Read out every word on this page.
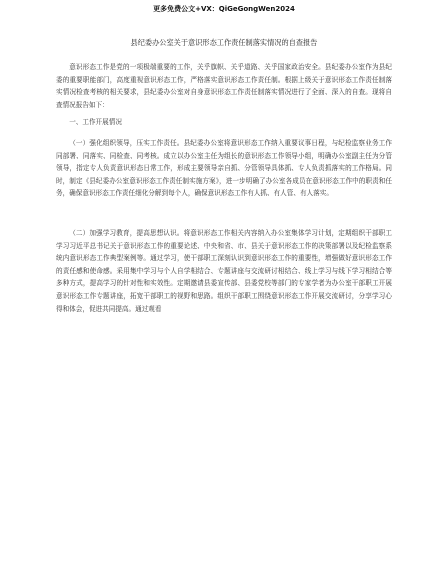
更多免费公文+VX：QiGeGongWen2024
县纪委办公室关于意识形态工作责任制落实情况的自查报告

意识形态工作是党的一项极端重要的工作，关乎旗帜、关乎道路、关乎国家政治安全。县纪委办公室作为县纪委的重要职能部门，高度重视意识形态工作，严格落实意识形态工作责任制。根据上级关于意识形态工作责任制落实情况检查考核的相关要求，县纪委办公室对自身意识形态工作责任制落实情况进行了全面、深入的自查。现将自查情况报告如下：

一、工作开展情况

（一）强化组织领导，压实工作责任。县纪委办公室将意识形态工作纳入重要议事日程，与纪检监察业务工作同部署、同落实、同检查、同考核。成立以办公室主任为组长的意识形态工作领导小组，明确办公室副主任为分管领导，指定专人负责意识形态日常工作，形成主要领导亲自抓、分管领导具体抓、专人负责抓落实的工作格局。同时，制定《县纪委办公室意识形态工作责任制实施方案》，进一步明确了办公室各成员在意识形态工作中的职责和任务，确保意识形态工作责任细化分解到每个人，确保意识形态工作有人抓、有人管、有人落实。

（二）加强学习教育，提高思想认识。将意识形态工作相关内容纳入办公室集体学习计划，定期组织干部职工学习习近平总书记关于意识形态工作的重要论述、中央和省、市、县关于意识形态工作的决策部署以及纪检监察系统内意识形态工作典型案例等。通过学习，使干部职工深刻认识到意识形态工作的重要性，增强做好意识形态工作的责任感和使命感。采用集中学习与个人自学相结合、专题讲座与交流研讨相结合、线上学习与线下学习相结合等多种方式，提高学习的针对性和实效性。定期邀请县委宣传部、县委党校等部门的专家学者为办公室干部职工开展意识形态工作专题讲座，拓宽干部职工的视野和思路。组织干部职工围绕意识形态工作开展交流研讨，分享学习心得和体会，促进共同提高。通过观看
